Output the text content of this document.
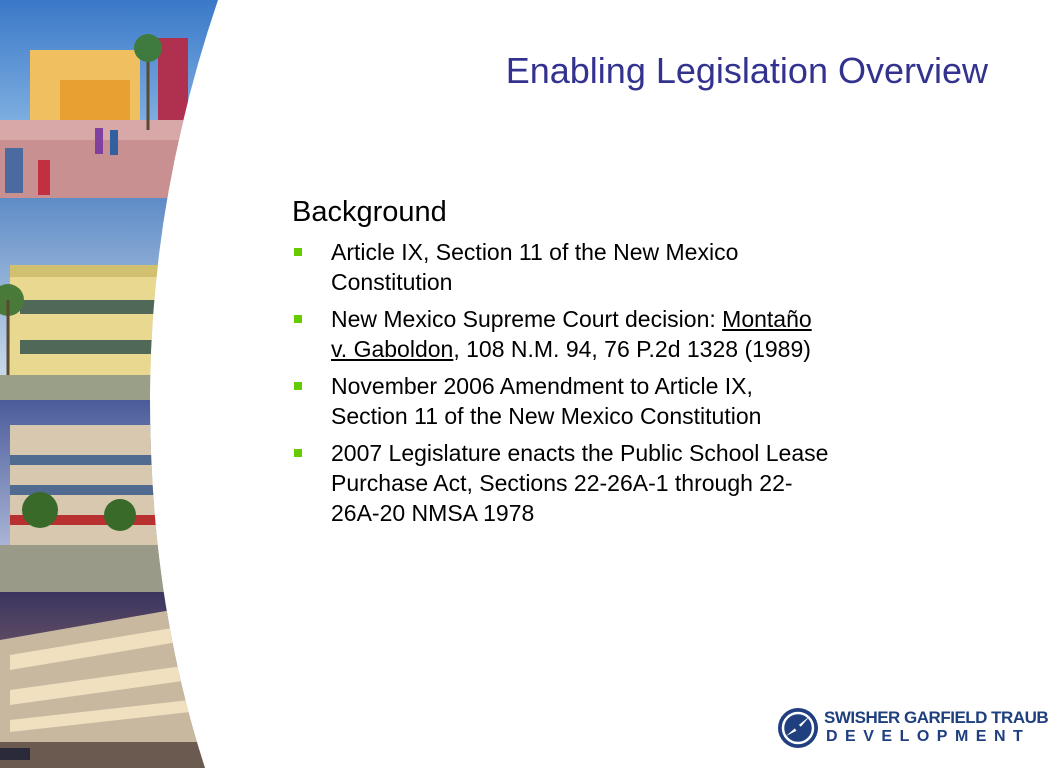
Enabling Legislation Overview
Background
Article IX, Section 11 of the New Mexico Constitution
New Mexico Supreme Court decision: Montaño v. Gaboldon, 108 N.M. 94, 76 P.2d 1328 (1989)
November 2006 Amendment to Article IX, Section 11 of the New Mexico Constitution
2007 Legislature enacts the Public School Lease Purchase Act, Sections 22-26A-1 through 22-26A-20 NMSA 1978
SWISHER GARFIELD TRAUB
DEVELOPMENT
